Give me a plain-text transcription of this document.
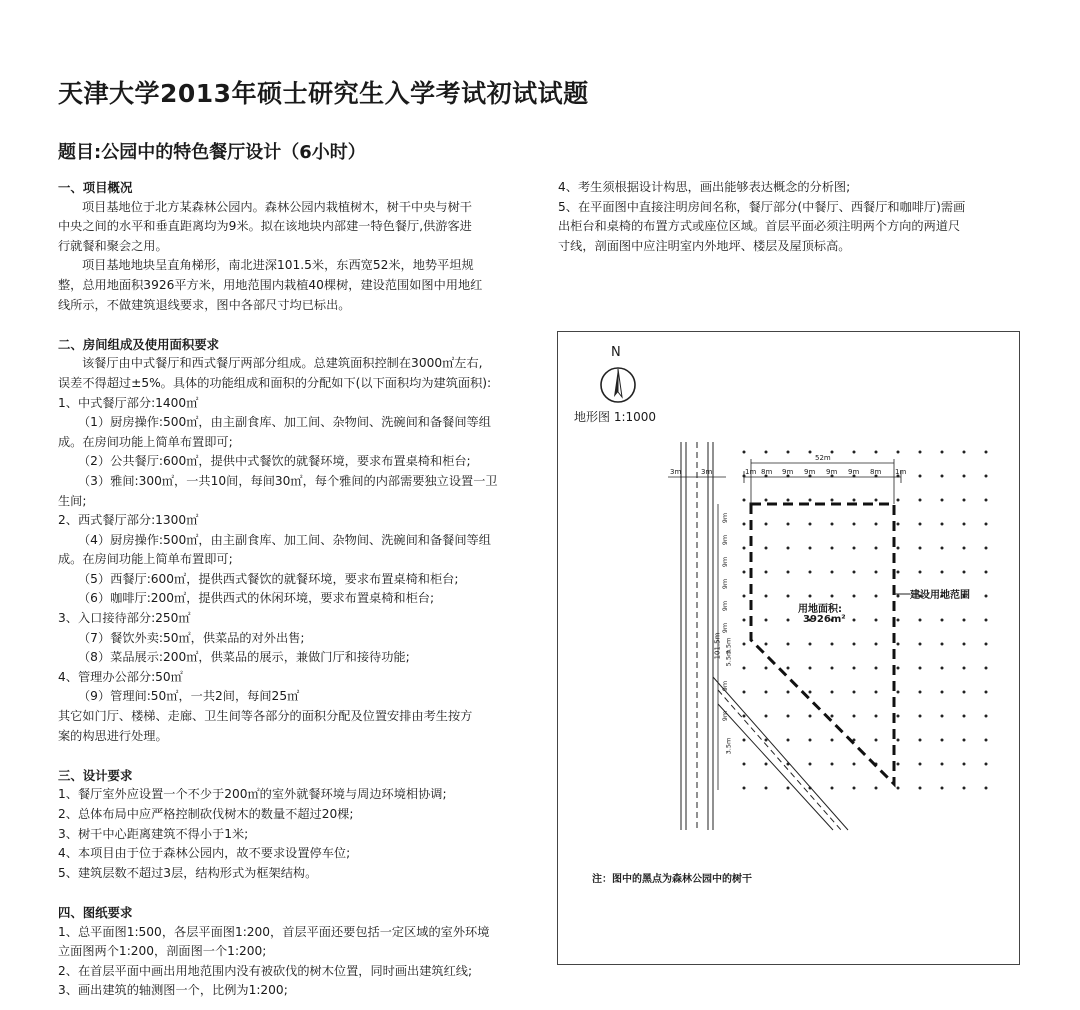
天津大学2013年硕士研究生入学考试初试试题
题目:公园中的特色餐厅设计（6小时）
一、项目概况

项目基地位于北方某森林公园内。森林公园内栽植树木，树干中央与树干

中央之间的水平和垂直距离均为9米。拟在该地块内部建一特色餐厅,供游客进

行就餐和聚会之用。

项目基地地块呈直角梯形，南北进深101.5米，东西宽52米，地势平坦规

整，总用地面积3926平方米，用地范围内栽植40棵树，建设范围如图中用地红

线所示，不做建筑退线要求，图中各部尺寸均已标出。

二、房间组成及使用面积要求

该餐厅由中式餐厅和西式餐厅两部分组成。总建筑面积控制在3000㎡左右,

误差不得超过±5%。具体的功能组成和面积的分配如下(以下面积均为建筑面积):

1、中式餐厅部分:1400㎡

（1）厨房操作:500㎡，由主副食库、加工间、杂物间、洗碗间和备餐间等组

成。在房间功能上简单布置即可;

（2）公共餐厅:600㎡，提供中式餐饮的就餐环境，要求布置桌椅和柜台;

（3）雅间:300㎡，一共10间，每间30㎡，每个雅间的内部需要独立设置一卫

生间;

2、西式餐厅部分:1300㎡

（4）厨房操作:500㎡，由主副食库、加工间、杂物间、洗碗间和备餐间等组

成。在房间功能上简单布置即可;

（5）西餐厅:600㎡，提供西式餐饮的就餐环境，要求布置桌椅和柜台;

（6）咖啡厅:200㎡，提供西式的休闲环境，要求布置桌椅和柜台;

3、入口接待部分:250㎡

（7）餐饮外卖:50㎡，供菜品的对外出售;

（8）菜品展示:200㎡，供菜品的展示，兼做门厅和接待功能;

4、管理办公部分:50㎡

（9）管理间:50㎡，一共2间，每间25㎡

其它如门厅、楼梯、走廊、卫生间等各部分的面积分配及位置安排由考生按方

案的构思进行处理。

三、设计要求

1、餐厅室外应设置一个不少于200㎡的室外就餐环境与周边环境相协调;

2、总体布局中应严格控制砍伐树木的数量不超过20棵;

3、树干中心距离建筑不得小于1米;

4、本项目由于位于森林公园内，故不要求设置停车位;

5、建筑层数不超过3层，结构形式为框架结构。

四、图纸要求

1、总平面图1:500，各层平面图1:200，首层平面还要包括一定区域的室外环境

立面图两个1:200，剖面图一个1:200;

2、在首层平面中画出用地范围内没有被砍伐的树木位置，同时画出建筑红线;

3、画出建筑的轴测图一个，比例为1:200;

4、考生须根据设计构思，画出能够表达概念的分析图;

5、在平面图中直接注明房间名称，餐厅部分(中餐厅、西餐厅和咖啡厅)需画

出柜台和桌椅的布置方式或座位区域。首层平面必须注明两个方向的两道尺

寸线，剖面图中应注明室内外地坪、楼层及屋顶标高。

N
地形图 1:1000
用地面积:
3926m²
建设用地范围
注：图中的黑点为森林公园中的树干
3m	3m
52m
1m 8m 9m 9m 9m 9m 8m 1m
9m
9m
9m
9m
9m
9m
3.5m
5.5m
9m
9m
3.5m
101.5m
